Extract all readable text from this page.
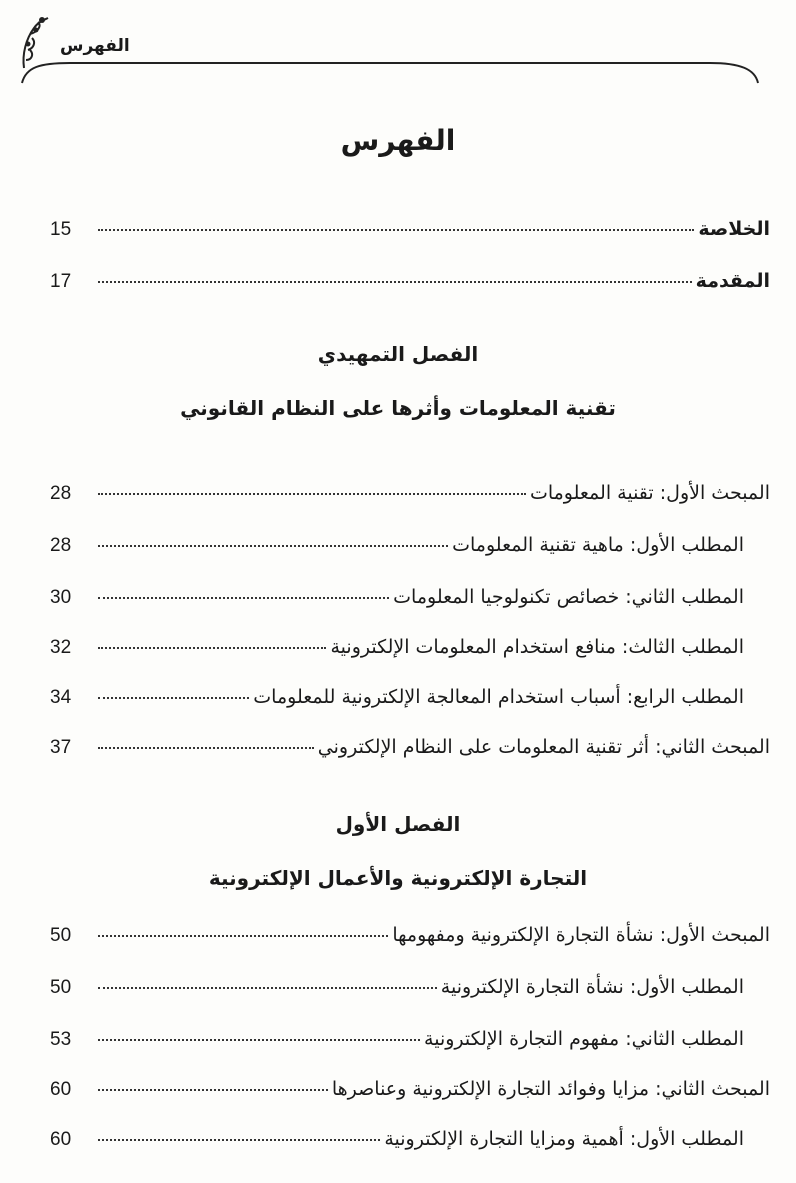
الفهرس
الفهرس
الخلاصة
15
المقدمة
17
الفصل التمهيدي
تقنية المعلومات وأثرها على النظام القانوني
المبحث الأول: تقنية المعلومات
28
المطلب الأول: ماهية تقنية المعلومات
28
المطلب الثاني: خصائص تكنولوجيا المعلومات
30
المطلب الثالث: منافع استخدام المعلومات الإلكترونية
32
المطلب الرابع: أسباب استخدام المعالجة الإلكترونية للمعلومات
34
المبحث الثاني: أثر تقنية المعلومات على النظام الإلكتروني
37
الفصل الأول
التجارة الإلكترونية والأعمال الإلكترونية
المبحث الأول: نشأة التجارة الإلكترونية ومفهومها
50
المطلب الأول: نشأة التجارة الإلكترونية
50
المطلب الثاني: مفهوم التجارة الإلكترونية
53
المبحث الثاني: مزايا وفوائد التجارة الإلكترونية وعناصرها
60
المطلب الأول: أهمية ومزايا التجارة الإلكترونية
60
